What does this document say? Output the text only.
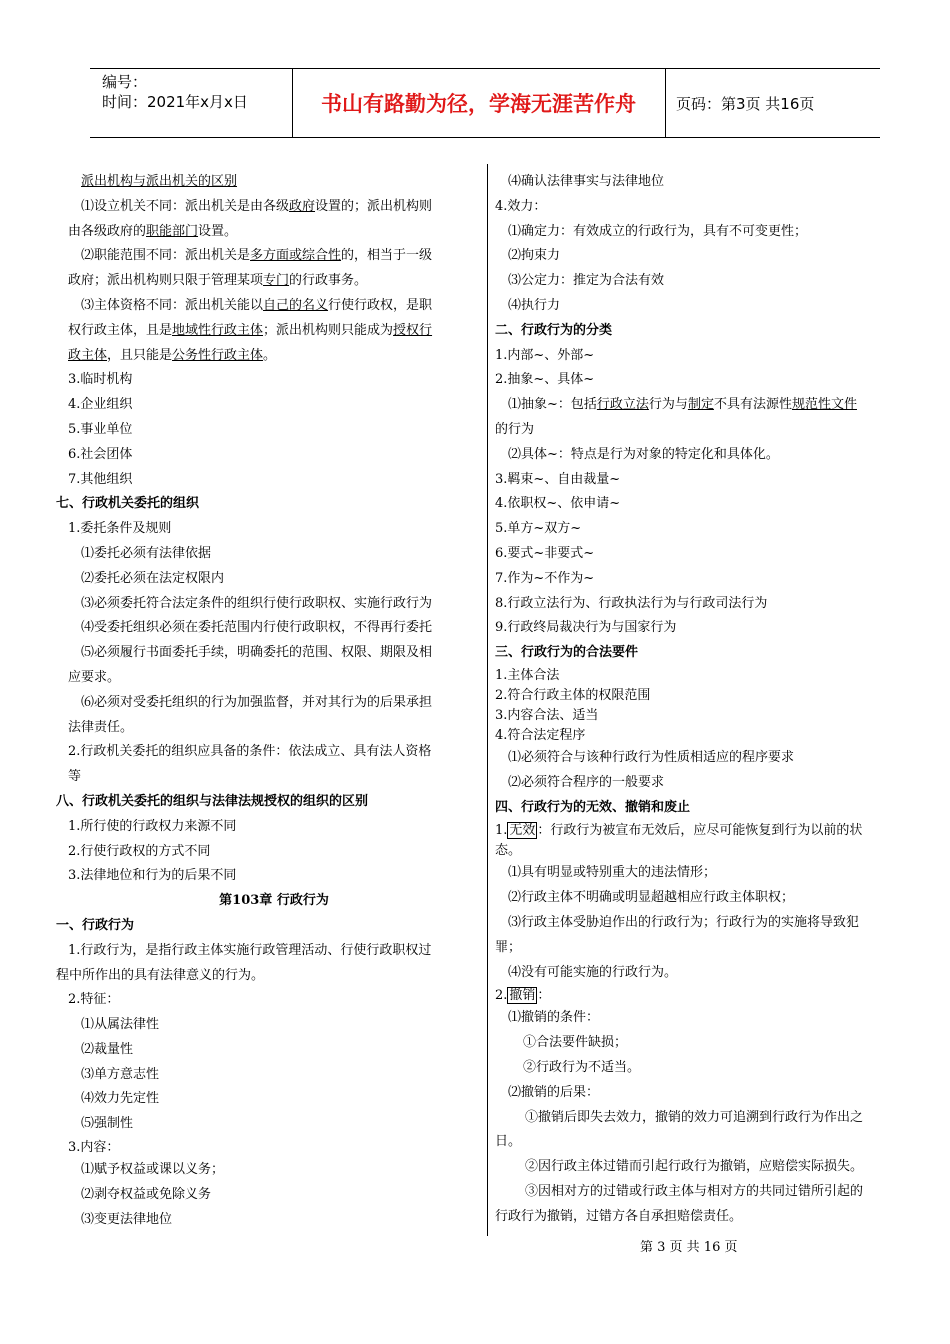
编号：
时间：2021年x月x日	书山有路勤为径，学海无涯苦作舟	页码：第3页 共16页
派出机构与派出机关的区别
⑴设立机关不同：派出机关是由各级政府设置的；派出机构则
由各级政府的职能部门设置。
⑵职能范围不同：派出机关是多方面或综合性的，相当于一级
政府；派出机构则只限于管理某项专门的行政事务。
⑶主体资格不同：派出机关能以自己的名义行使行政权，是职
权行政主体，且是地域性行政主体；派出机构则只能成为授权行
政主体，且只能是公务性行政主体。
3.临时机构
4.企业组织
5.事业单位
6.社会团体
7.其他组织
七、行政机关委托的组织
1.委托条件及规则
⑴委托必须有法律依据
⑵委托必须在法定权限内
⑶必须委托符合法定条件的组织行使行政职权、实施行政行为
⑷受委托组织必须在委托范围内行使行政职权，不得再行委托
⑸必须履行书面委托手续，明确委托的范围、权限、期限及相
应要求。
⑹必须对受委托组织的行为加强监督，并对其行为的后果承担
法律责任。
2.行政机关委托的组织应具备的条件：依法成立、具有法人资格
等
八、行政机关委托的组织与法律法规授权的组织的区别
1.所行使的行政权力来源不同
2.行使行政权的方式不同
3.法律地位和行为的后果不同
第103章 行政行为
一、行政行为
1.行政行为，是指行政主体实施行政管理活动、行使行政职权过
程中所作出的具有法律意义的行为。
2.特征：
⑴从属法律性
⑵裁量性
⑶单方意志性
⑷效力先定性
⑸强制性
3.内容：
⑴赋予权益或课以义务；
⑵剥夺权益或免除义务
⑶变更法律地位
⑷确认法律事实与法律地位
4.效力：
⑴确定力：有效成立的行政行为，具有不可变更性；
⑵拘束力
⑶公定力：推定为合法有效
⑷执行力
二、行政行为的分类
1.内部~、外部~
2.抽象~、具体~
⑴抽象~：包括行政立法行为与制定不具有法源性规范性文件
的行为
⑵具体~：特点是行为对象的特定化和具体化。
3.羁束~、自由裁量~
4.依职权~、依申请~
5.单方~双方~
6.要式~非要式~
7.作为~不作为~
8.行政立法行为、行政执法行为与行政司法行为
9.行政终局裁决行为与国家行为
三、行政行为的合法要件
1.主体合法
2.符合行政主体的权限范围
3.内容合法、适当
4.符合法定程序
⑴必须符合与该种行政行为性质相适应的程序要求
⑵必须符合程序的一般要求
四、行政行为的无效、撤销和废止
1. 无效 ：行政行为被宣布无效后，应尽可能恢复到行为以前的状
态。
⑴具有明显或特别重大的违法情形；
⑵行政主体不明确或明显超越相应行政主体职权；
⑶行政主体受胁迫作出的行政行为；行政行为的实施将导致犯
罪；
⑷没有可能实施的行政行为。
2. 撤销 ：
⑴撤销的条件：
①合法要件缺损；
②行政行为不适当。
⑵撤销的后果：
①撤销后即失去效力，撤销的效力可追溯到行政行为作出之
日。
②因行政主体过错而引起行政行为撤销，应赔偿实际损失。
③因相对方的过错或行政主体与相对方的共同过错所引起的
行政行为撤销，过错方各自承担赔偿责任。
第 3 页 共 16 页
